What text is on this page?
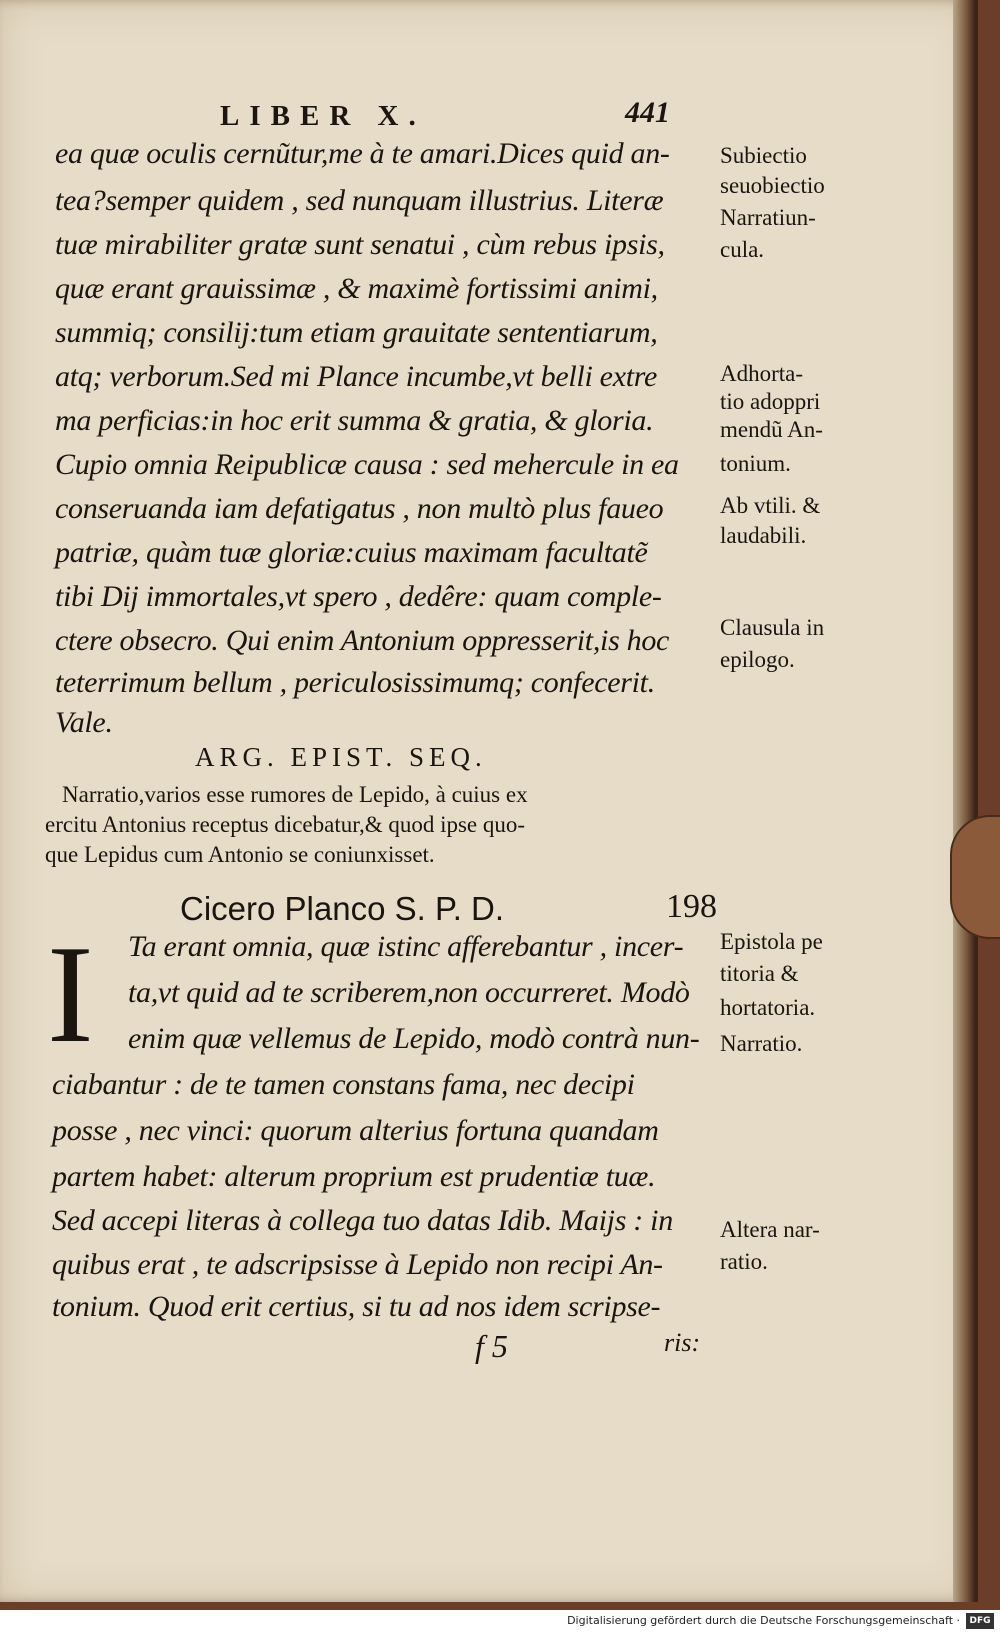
LIBER X.	441
ea quæ oculis cernũtur,me à te amari.Dices quid an-
tea?semper quidem , sed nunquam illustrius. Literæ
tuæ mirabiliter gratæ sunt senatui , cùm rebus ipsis,
quæ erant grauissimæ , & maximè fortissimi animi,
summiq; consilij:tum etiam grauitate sententiarum,
atq; verborum.Sed mi Plance incumbe,vt belli extre
ma perficias:in hoc erit summa & gratia, & gloria.
Cupio omnia Reipublicæ causa : sed mehercule in ea
conseruanda iam defatigatus , non multò plus faueo
patriæ, quàm tuæ gloriæ:cuius maximam facultatẽ
tibi Dij immortales,vt spero , dedêre: quam comple-
ctere obsecro. Qui enim Antonium oppresserit,is hoc
teterrimum bellum , periculosissimumq; confecerit.
Vale.
Subiectio
seuobiectio
Narratiun-
cula.
Adhorta-
tio adoppri
mendũ An-
tonium.
Ab vtili. &
laudabili.
Clausula in
epilogo.
ARG. EPIST. SEQ.
Narratio,varios esse rumores de Lepido, à cuius ex
ercitu Antonius receptus dicebatur,& quod ipse quo-
que Lepidus cum Antonio se coniunxisset.
Cicero Planco S. P. D.	198
I Ta erant omnia, quæ istinc afferebantur , incer-
ta,vt quid ad te scriberem,non occurreret. Modò
enim quæ vellemus de Lepido, modò contrà nun-
ciabantur : de te tamen constans fama, nec decipi
posse , nec vinci: quorum alterius fortuna quandam
partem habet: alterum proprium est prudentiæ tuæ.
Sed accepi literas à collega tuo datas Idib. Maijs : in
quibus erat , te adscripsisse à Lepido non recipi An-
tonium. Quod erit certius, si tu ad nos idem scripse-
f 5	ris:
Epistola pe
titoria &
hortatoria.
Narratio.
Altera nar-
ratio.
Digitalisierung gefördert durch die Deutsche Forschungsgemeinschaft ·	DFG
